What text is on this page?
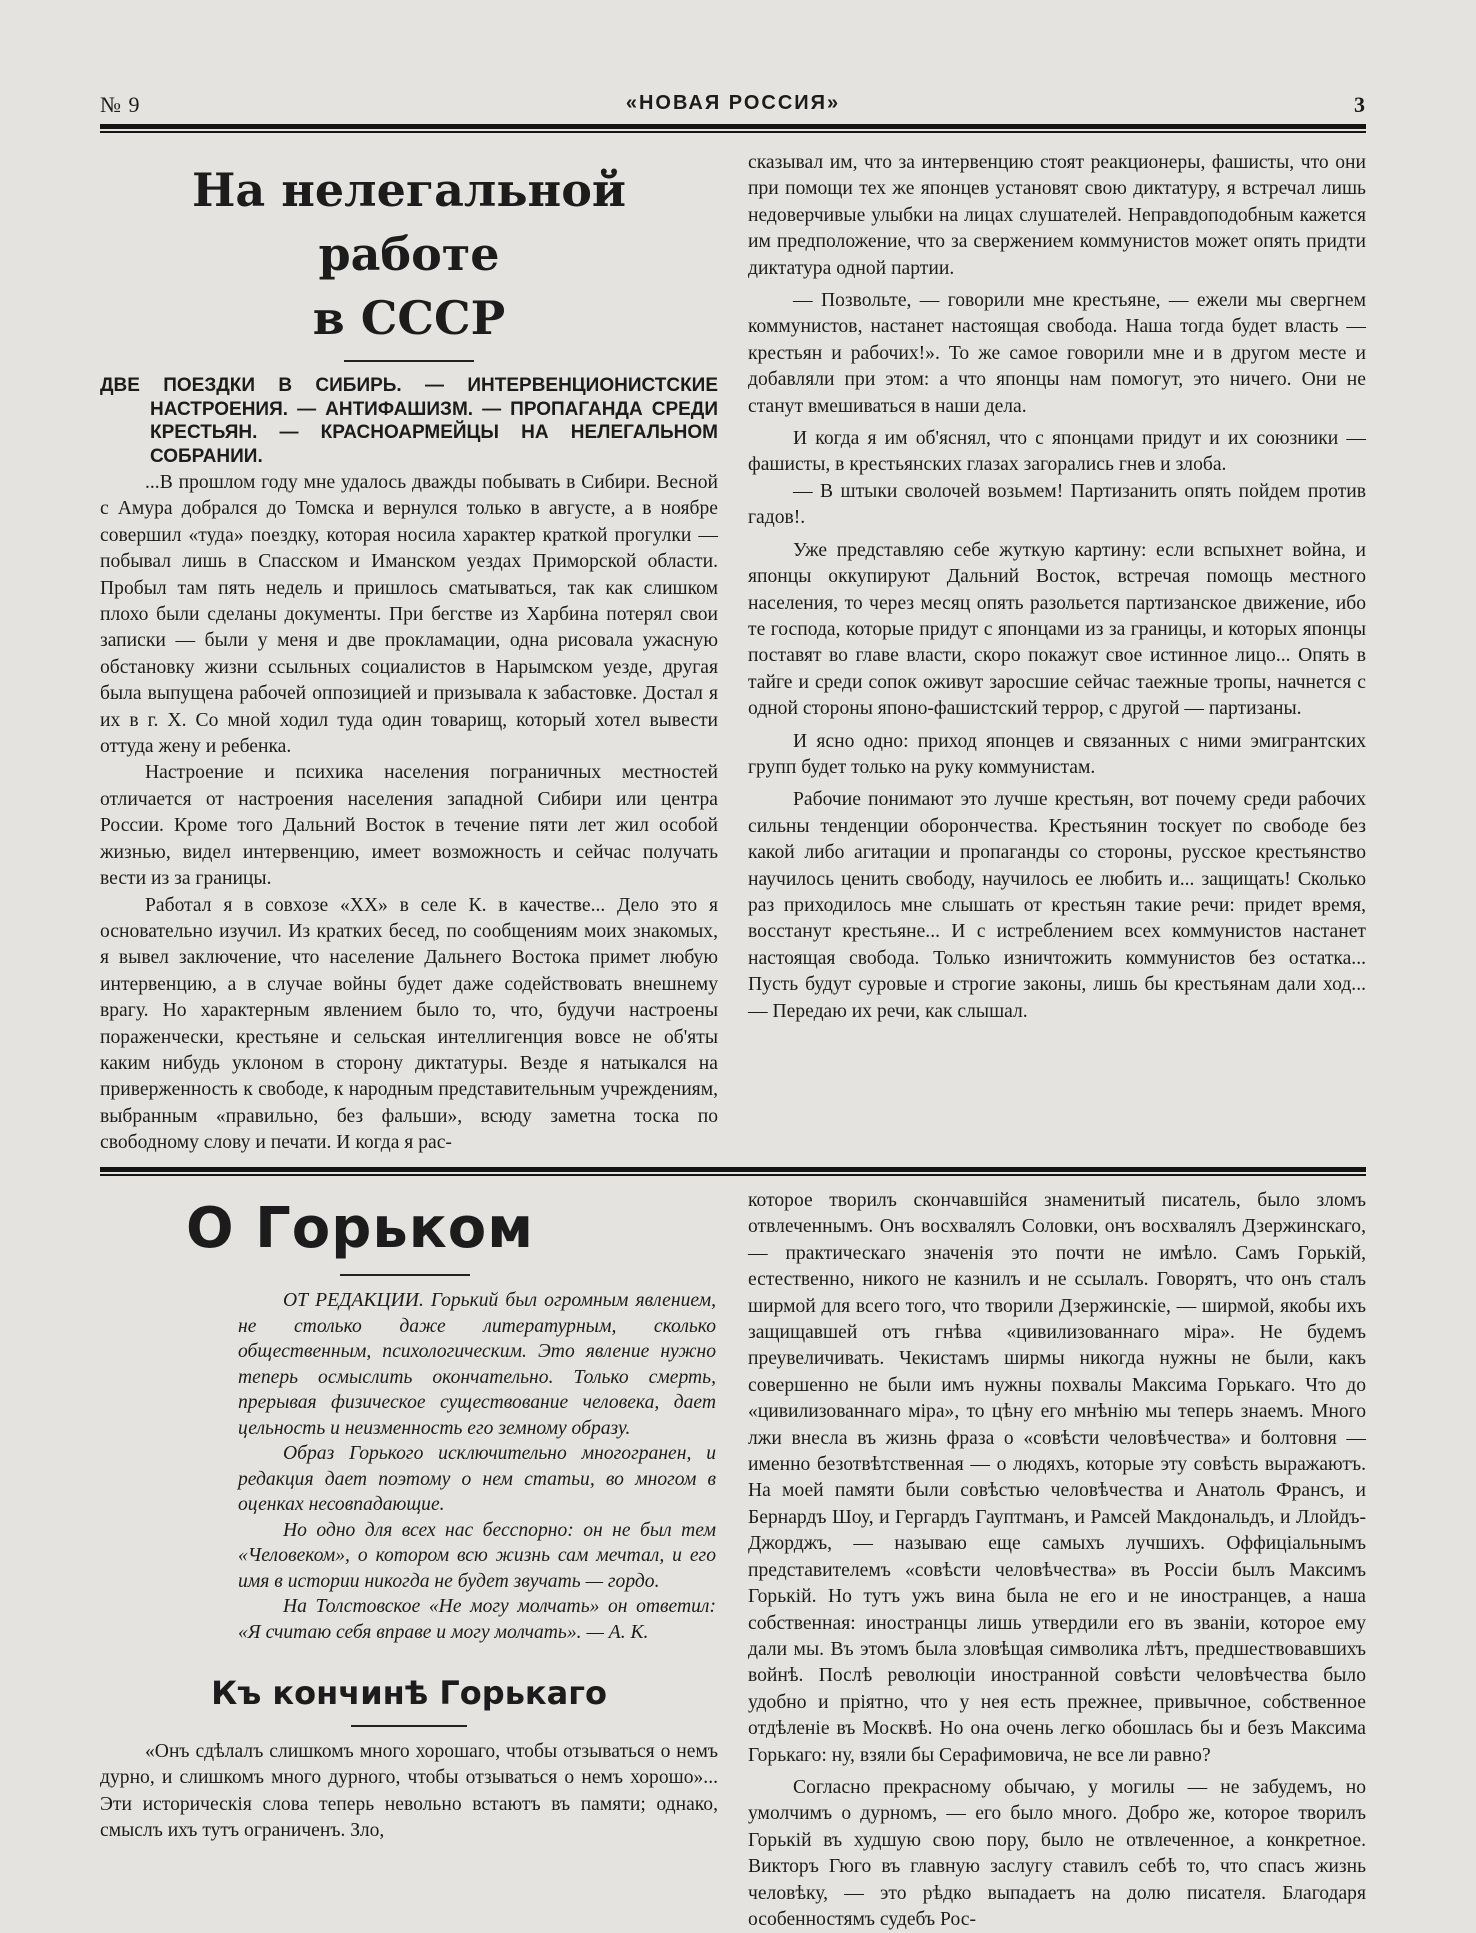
№ 9	«НОВАЯ РОССИЯ»	3
На нелегальной работе
в СССР
ДВЕ ПОЕЗДКИ В СИБИРЬ. — ИНТЕРВЕНЦИОНИСТСКИЕ НАСТРОЕНИЯ. — АНТИФАШИЗМ. — ПРОПАГАНДА СРЕДИ КРЕСТЬЯН. — КРАСНОАРМЕЙЦЫ НА НЕЛЕГАЛЬНОМ СОБРАНИИ.

...В прошлом году мне удалось дважды побывать в Сибири. Весной с Амура добрался до Томска и вернулся только в августе, а в ноябре совершил «туда» поездку, которая носила характер краткой прогулки — побывал лишь в Спасском и Иманском уездах Приморской области. Пробыл там пять недель и пришлось сматываться, так как слишком плохо были сделаны документы. При бегстве из Харбина потерял свои записки — были у меня и две прокламации, одна рисовала ужасную обстановку жизни ссыльных социалистов в Нарымском уезде, другая была выпущена рабочей оппозицией и призывала к забастовке. Достал я их в г. Х. Со мной ходил туда один товарищ, который хотел вывести оттуда жену и ребенка.

Настроение и психика населения пограничных местностей отличается от настроения населения западной Сибири или центра России. Кроме того Дальний Восток в течение пяти лет жил особой жизнью, видел интервенцию, имеет возможность и сейчас получать вести из за границы.

Работал я в совхозе «XX» в селе К. в качестве... Дело это я основательно изучил. Из кратких бесед, по сообщениям моих знакомых, я вывел заключение, что население Дальнего Востока примет любую интервенцию, а в случае войны будет даже содействовать внешнему врагу. Но характерным явлением было то, что, будучи настроены пораженчески, крестьяне и сельская интеллигенция вовсе не об'яты каким нибудь уклоном в сторону диктатуры. Везде я натыкался на приверженность к свободе, к народным представительным учреждениям, выбранным «правильно, без фальши», всюду заметна тоска по свободному слову и печати. И когда я рас-

сказывал им, что за интервенцию стоят реакционеры, фашисты, что они при помощи тех же японцев установят свою диктатуру, я встречал лишь недоверчивые улыбки на лицах слушателей. Неправдоподобным кажется им предположение, что за свержением коммунистов может опять придти диктатура одной партии.

— Позвольте, — говорили мне крестьяне, — ежели мы свергнем коммунистов, настанет настоящая свобода. Наша тогда будет власть — крестьян и рабочих!». То же самое говорили мне и в другом месте и добавляли при этом: а что японцы нам помогут, это ничего. Они не станут вмешиваться в наши дела.

И когда я им об'яснял, что с японцами придут и их союзники — фашисты, в крестьянских глазах загорались гнев и злоба.

— В штыки сволочей возьмем! Партизанить опять пойдем против гадов!.

Уже представляю себе жуткую картину: если вспыхнет война, и японцы оккупируют Дальний Восток, встречая помощь местного населения, то через месяц опять разольется партизанское движение, ибо те господа, которые придут с японцами из за границы, и которых японцы поставят во главе власти, скоро покажут свое истинное лицо... Опять в тайге и среди сопок оживут заросшие сейчас таежные тропы, начнется с одной стороны японо-фашистский террор, с другой — партизаны.

И ясно одно: приход японцев и связанных с ними эмигрантских групп будет только на руку коммунистам.

Рабочие понимают это лучше крестьян, вот почему среди рабочих сильны тенденции оборончества. Крестьянин тоскует по свободе без какой либо агитации и пропаганды со стороны, русское крестьянство научилось ценить свободу, научилось ее любить и... защищать! Сколько раз приходилось мне слышать от крестьян такие речи: придет время, восстанут крестьяне... И с истреблением всех коммунистов настанет настоящая свобода. Только изничтожить коммунистов без остатка... Пусть будут суровые и строгие законы, лишь бы крестьянам дали ход... — Передаю их речи, как слышал.

О Горьком

ОТ РЕДАКЦИИ. Горький был огромным явлением, не столько даже литературным, сколько общественным, психологическим. Это явление нужно теперь осмыслить окончательно. Только смерть, прерывая физическое существование человека, дает цельность и неизменность его земному образу.

Образ Горького исключительно многогранен, и редакция дает поэтому о нем статьи, во многом в оценках несовпадающие.

Но одно для всех нас бесспорно: он не был тем «Человеком», о котором всю жизнь сам мечтал, и его имя в истории никогда не будет звучать — гордо.

На Толстовское «Не могу молчать» он ответил: «Я считаю себя вправе и могу молчать». — А. К.

Къ кончинѣ Горькаго

«Онъ сдѣлалъ слишкомъ много хорошаго, чтобы отзываться о немъ дурно, и слишкомъ много дурного, чтобы отзываться о немъ хорошо»... Эти историческія слова теперь невольно встаютъ въ памяти; однако, смыслъ ихъ тутъ ограниченъ. Зло,

которое творилъ скончавшійся знаменитый писатель, было зломъ отвлеченнымъ. Онъ восхвалялъ Соловки, онъ восхвалялъ Дзержинскаго, — практическаго значенія это почти не имѣло. Самъ Горькій, естественно, никого не казнилъ и не ссылалъ. Говорятъ, что онъ сталъ ширмой для всего того, что творили Дзержинскіе, — ширмой, якобы ихъ защищавшей отъ гнѣва «цивилизованнаго міра». Не будемъ преувеличивать. Чекистамъ ширмы никогда нужны не были, какъ совершенно не были имъ нужны похвалы Максима Горькаго. Что до «цивилизованнаго міра», то цѣну его мнѣнію мы теперь знаемъ. Много лжи внесла въ жизнь фраза о «совѣсти человѣчества» и болтовня — именно безотвѣтственная — о людяхъ, которые эту совѣсть выражаютъ. На моей памяти были совѣстью человѣчества и Анатоль Франсъ, и Бернардъ Шоу, и Гергардъ Гауптманъ, и Рамсей Макдональдъ, и Ллойдъ-Джорджъ, — называю еще самыхъ лучшихъ. Оффиціальнымъ представителемъ «совѣсти человѣчества» въ Россіи былъ Максимъ Горькій. Но тутъ ужъ вина была не его и не иностранцев, а наша собственная: иностранцы лишь утвердили его въ званіи, которое ему дали мы. Въ этомъ была зловѣщая символика лѣтъ, предшествовавшихъ войнѣ. Послѣ революціи иностранной совѣсти человѣчества было удобно и пріятно, что у нея есть прежнее, привычное, собственное отдѣленіе въ Москвѣ. Но она очень легко обошлась бы и безъ Максима Горькаго: ну, взяли бы Серафимовича, не все ли равно?

Согласно прекрасному обычаю, у могилы — не забудемъ, но умолчимъ о дурномъ, — его было много. Добро же, которое творилъ Горькій въ худшую свою пору, было не отвлеченное, а конкретное. Викторъ Гюго въ главную заслугу ставилъ себѣ то, что спасъ жизнь человѣку, — это рѣдко выпадаетъ на долю писателя. Благодаря особенностямъ судебъ Рос-
